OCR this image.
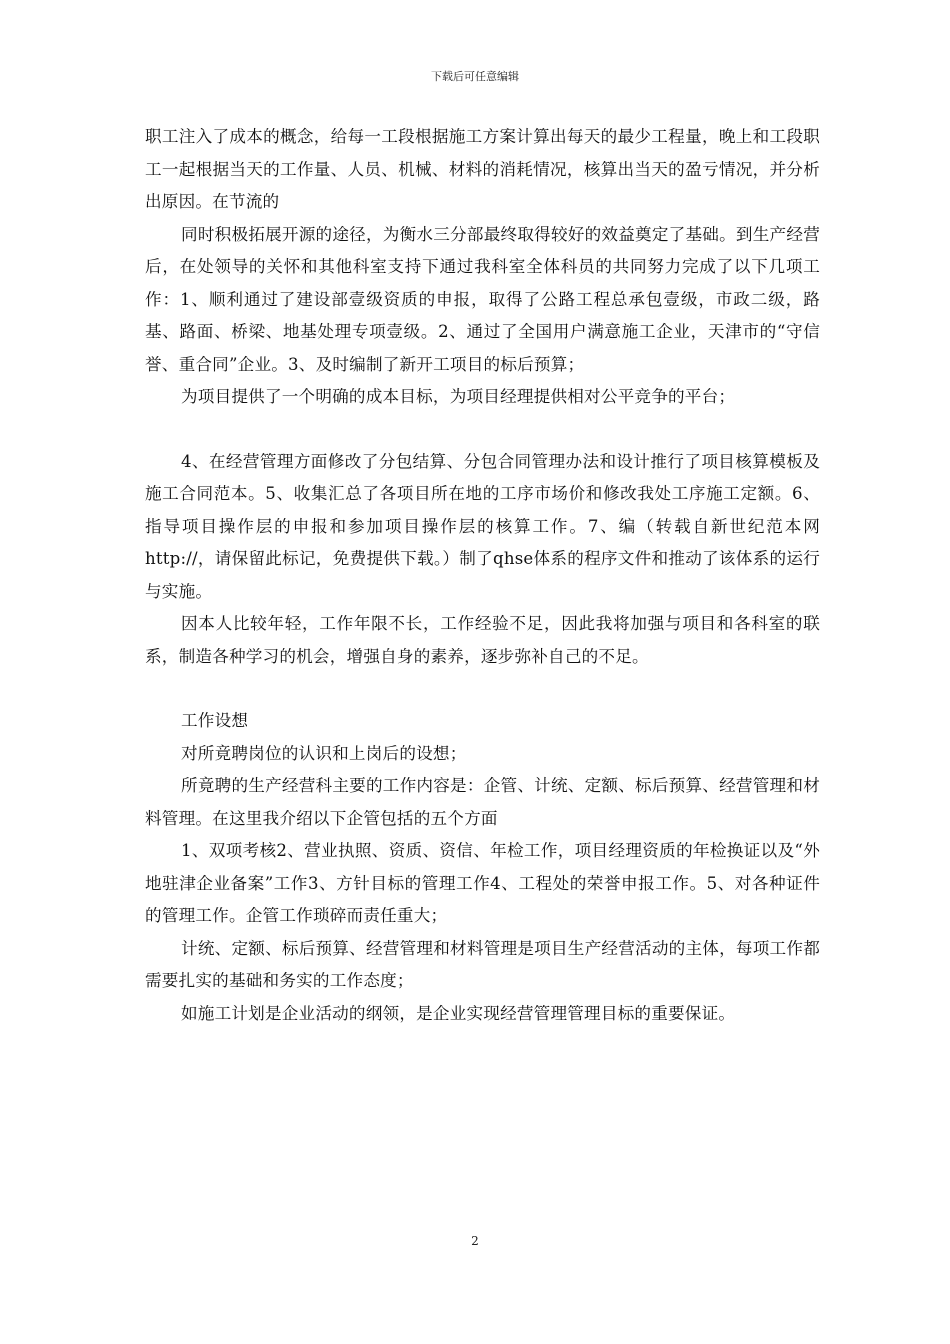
下载后可任意编辑

职工注入了成本的概念，给每一工段根据施工方案计算出每天的最少工程量，晚上和工段职工一起根据当天的工作量、人员、机械、材料的消耗情况，核算出当天的盈亏情况，并分析出原因。在节流的

同时积极拓展开源的途径，为衡水三分部最终取得较好的效益奠定了基础。到生产经营后，在处领导的关怀和其他科室支持下通过我科室全体科员的共同努力完成了以下几项工作：1、顺利通过了建设部壹级资质的申报，取得了公路工程总承包壹级，市政二级，路基、路面、桥梁、地基处理专项壹级。2、通过了全国用户满意施工企业，天津市的“守信誉、重合同”企业。3、及时编制了新开工项目的标后预算；

为项目提供了一个明确的成本目标，为项目经理提供相对公平竞争的平台；

4、在经营管理方面修改了分包结算、分包合同管理办法和设计推行了项目核算模板及施工合同范本。5、收集汇总了各项目所在地的工序市场价和修改我处工序施工定额。6、指导项目操作层的申报和参加项目操作层的核算工作。7、编（转载自新世纪范本网http://，请保留此标记，免费提供下载。）制了qhse体系的程序文件和推动了该体系的运行与实施。

因本人比较年轻，工作年限不长，工作经验不足，因此我将加强与项目和各科室的联系，制造各种学习的机会，增强自身的素养，逐步弥补自己的不足。

工作设想

对所竟聘岗位的认识和上岗后的设想；

所竟聘的生产经营科主要的工作内容是：企管、计统、定额、标后预算、经营管理和材料管理。在这里我介绍以下企管包括的五个方面

1、双项考核2、营业执照、资质、资信、年检工作，项目经理资质的年检换证以及“外地驻津企业备案”工作3、方针目标的管理工作4、工程处的荣誉申报工作。5、对各种证件的管理工作。企管工作琐碎而责任重大；

计统、定额、标后预算、经营管理和材料管理是项目生产经营活动的主体，每项工作都需要扎实的基础和务实的工作态度；

如施工计划是企业活动的纲领，是企业实现经营管理管理目标的重要保证。

2
